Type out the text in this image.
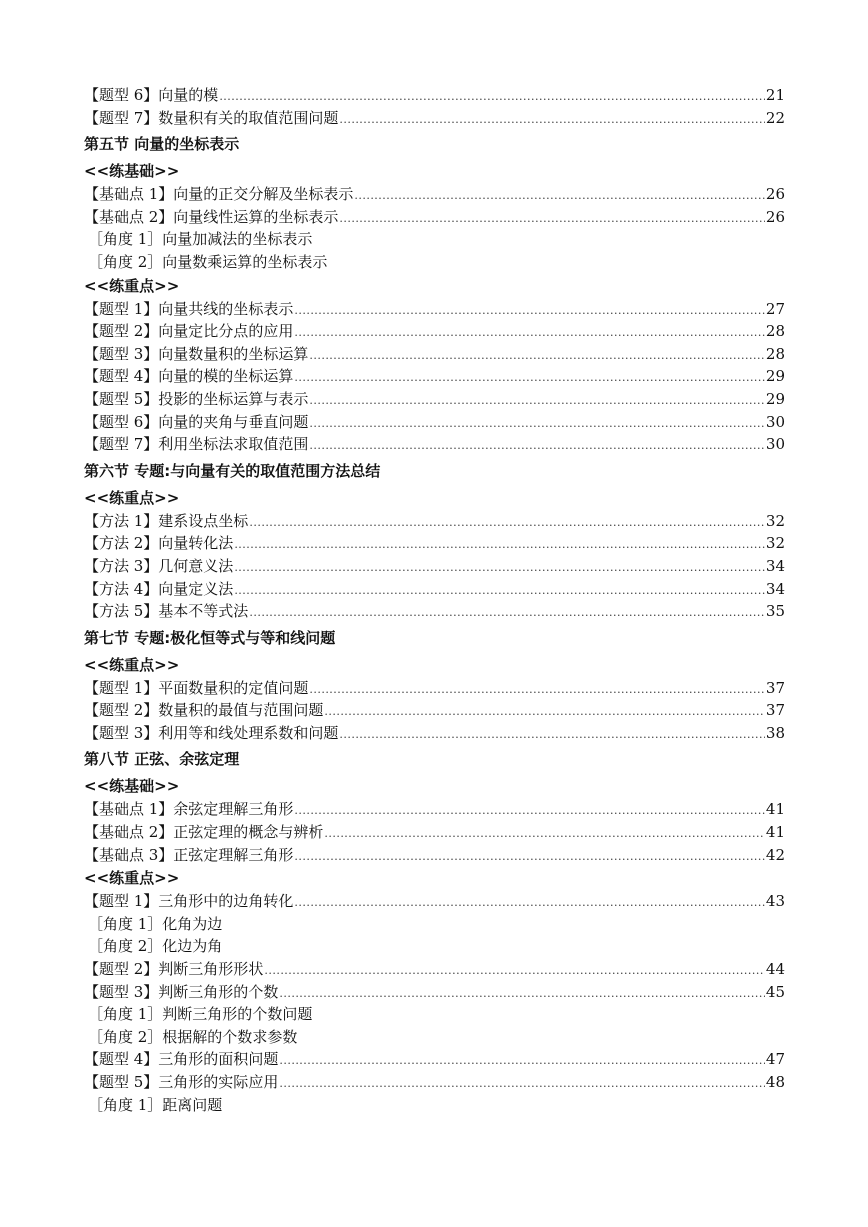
【题型 6】向量的模 .....	21
【题型 7】数量积有关的取值范围问题 .....	22
第五节 向量的坐标表示
<<练基础>>
【基础点 1】向量的正交分解及坐标表示 .....	26
【基础点 2】向量线性运算的坐标表示 .....	26
［角度 1］向量加减法的坐标表示
［角度 2］向量数乘运算的坐标表示
<<练重点>>
【题型 1】向量共线的坐标表示 .....	27
【题型 2】向量定比分点的应用 .....	28
【题型 3】向量数量积的坐标运算 .....	28
【题型 4】向量的模的坐标运算 .....	29
【题型 5】投影的坐标运算与表示 .....	29
【题型 6】向量的夹角与垂直问题 .....	30
【题型 7】利用坐标法求取值范围 .....	30
第六节 专题:与向量有关的取值范围方法总结
<<练重点>>
【方法 1】建系设点坐标 .....	32
【方法 2】向量转化法 .....	32
【方法 3】几何意义法 .....	34
【方法 4】向量定义法 .....	34
【方法 5】基本不等式法 .....	35
第七节 专题:极化恒等式与等和线问题
<<练重点>>
【题型 1】平面数量积的定值问题 .....	37
【题型 2】数量积的最值与范围问题 .....	37
【题型 3】利用等和线处理系数和问题 .....	38
第八节 正弦、余弦定理
<<练基础>>
【基础点 1】余弦定理解三角形 .....	41
【基础点 2】正弦定理的概念与辨析 .....	41
【基础点 3】正弦定理解三角形 .....	42
<<练重点>>
【题型 1】三角形中的边角转化 .....	43
［角度 1］化角为边
［角度 2］化边为角
【题型 2】判断三角形形状 .....	44
【题型 3】判断三角形的个数 .....	45
［角度 1］判断三角形的个数问题
［角度 2］根据解的个数求参数
【题型 4】三角形的面积问题 .....	47
【题型 5】三角形的实际应用 .....	48
［角度 1］距离问题
